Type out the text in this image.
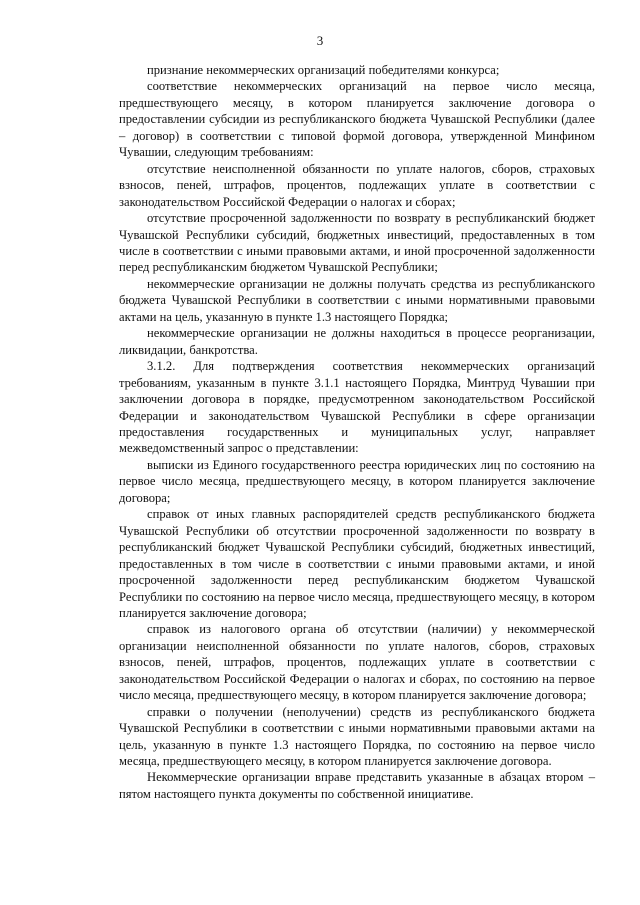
3

признание некоммерческих организаций победителями конкурса;

соответствие некоммерческих организаций на первое число месяца, предшествующего месяцу, в котором планируется заключение договора о предоставлении субсидии из республиканского бюджета Чувашской Республики (далее – договор) в соответствии с типовой формой договора, утвержденной Минфином Чувашии, следующим требованиям:

отсутствие неисполненной обязанности по уплате налогов, сборов, страховых взносов, пеней, штрафов, процентов, подлежащих уплате в соответствии с законодательством Российской Федерации о налогах и сборах;

отсутствие просроченной задолженности по возврату в республиканский бюджет Чувашской Республики субсидий, бюджетных инвестиций, предоставленных в том числе в соответствии с иными правовыми актами, и иной просроченной задолженности перед республиканским бюджетом Чувашской Республики;

некоммерческие организации не должны получать средства из республиканского бюджета Чувашской Республики в соответствии с иными нормативными правовыми актами на цель, указанную в пункте 1.3 настоящего Порядка;

некоммерческие организации не должны находиться в процессе реорганизации, ликвидации, банкротства.

3.1.2. Для подтверждения соответствия некоммерческих организаций требованиям, указанным в пункте 3.1.1 настоящего Порядка, Минтруд Чувашии при заключении договора в порядке, предусмотренном законодательством Российской Федерации и законодательством Чувашской Республики в сфере организации предоставления государственных и муниципальных услуг, направляет межведомственный запрос о представлении:

выписки из Единого государственного реестра юридических лиц по состоянию на первое число месяца, предшествующего месяцу, в котором планируется заключение договора;

справок от иных главных распорядителей средств республиканского бюджета Чувашской Республики об отсутствии просроченной задолженности по возврату в республиканский бюджет Чувашской Республики субсидий, бюджетных инвестиций, предоставленных в том числе в соответствии с иными правовыми актами, и иной просроченной задолженности перед республиканским бюджетом Чувашской Республики по состоянию на первое число месяца, предшествующего месяцу, в котором планируется заключение договора;

справок из налогового органа об отсутствии (наличии) у некоммерческой организации неисполненной обязанности по уплате налогов, сборов, страховых взносов, пеней, штрафов, процентов, подлежащих уплате в соответствии с законодательством Российской Федерации о налогах и сборах, по состоянию на первое число месяца, предшествующего месяцу, в котором планируется заключение договора;

справки о получении (неполучении) средств из республиканского бюджета Чувашской Республики в соответствии с иными нормативными правовыми актами на цель, указанную в пункте 1.3 настоящего Порядка, по состоянию на первое число месяца, предшествующего месяцу, в котором планируется заключение договора.

Некоммерческие организации вправе представить указанные в абзацах втором – пятом настоящего пункта документы по собственной инициативе.
